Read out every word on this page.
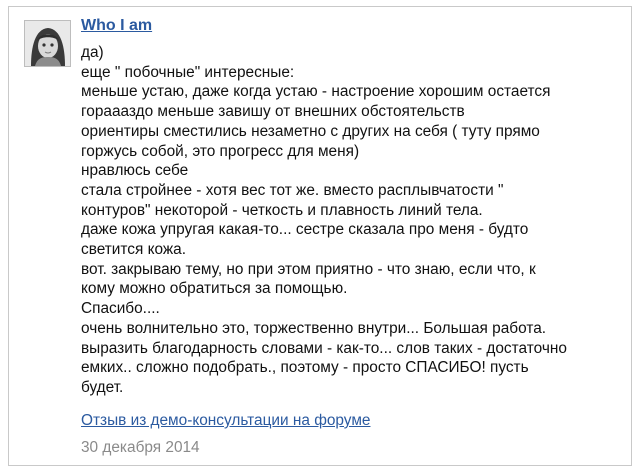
Who I am
да)
еще " побочные" интересные:
меньше устаю, даже когда устаю - настроение хорошим остается
гораааздо меньше завишу от внешних обстоятельств
ориентиры сместились незаметно с других на себя ( туту прямо
горжусь собой, это прогресс для меня)
нравлюсь себе
стала стройнее - хотя вес тот же. вместо расплывчатости "
контуров" некоторой - четкость и плавность линий тела.
даже кожа упругая какая-то... сестре сказала про меня - будто
светится кожа.
вот. закрываю тему, но при этом приятно - что знаю, если что, к
кому можно обратиться за помощью.
Спасибо....
очень волнительно это, торжественно внутри... Большая работа.
выразить благодарность словами - как-то... слов таких - достаточно
емких.. сложно подобрать., поэтому - просто СПАСИБО! пусть
будет.
Отзыв из демо-консультации на форуме
30 декабря 2014
